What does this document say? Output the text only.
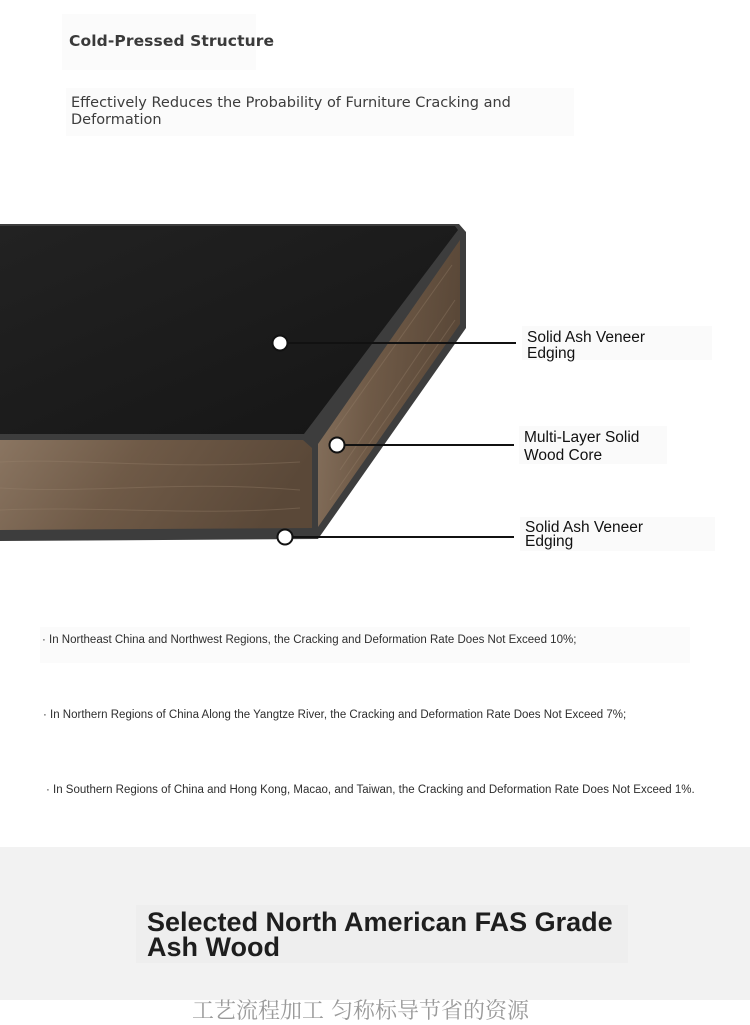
Cold-Pressed Structure
Effectively Reduces the Probability of Furniture Cracking and Deformation
Solid Ash Veneer Edging
Multi-Layer Solid Wood Core
Solid Ash Veneer Edging
· In Northeast China and Northwest Regions, the Cracking and Deformation Rate Does Not Exceed 10%;
· In Northern Regions of China Along the Yangtze River, the Cracking and Deformation Rate Does Not Exceed 7%;
· In Southern Regions of China and Hong Kong, Macao, and Taiwan, the Cracking and Deformation Rate Does Not Exceed 1%.
Selected North American FAS Grade Ash Wood
工艺流程加工 匀称标导节省的资源
